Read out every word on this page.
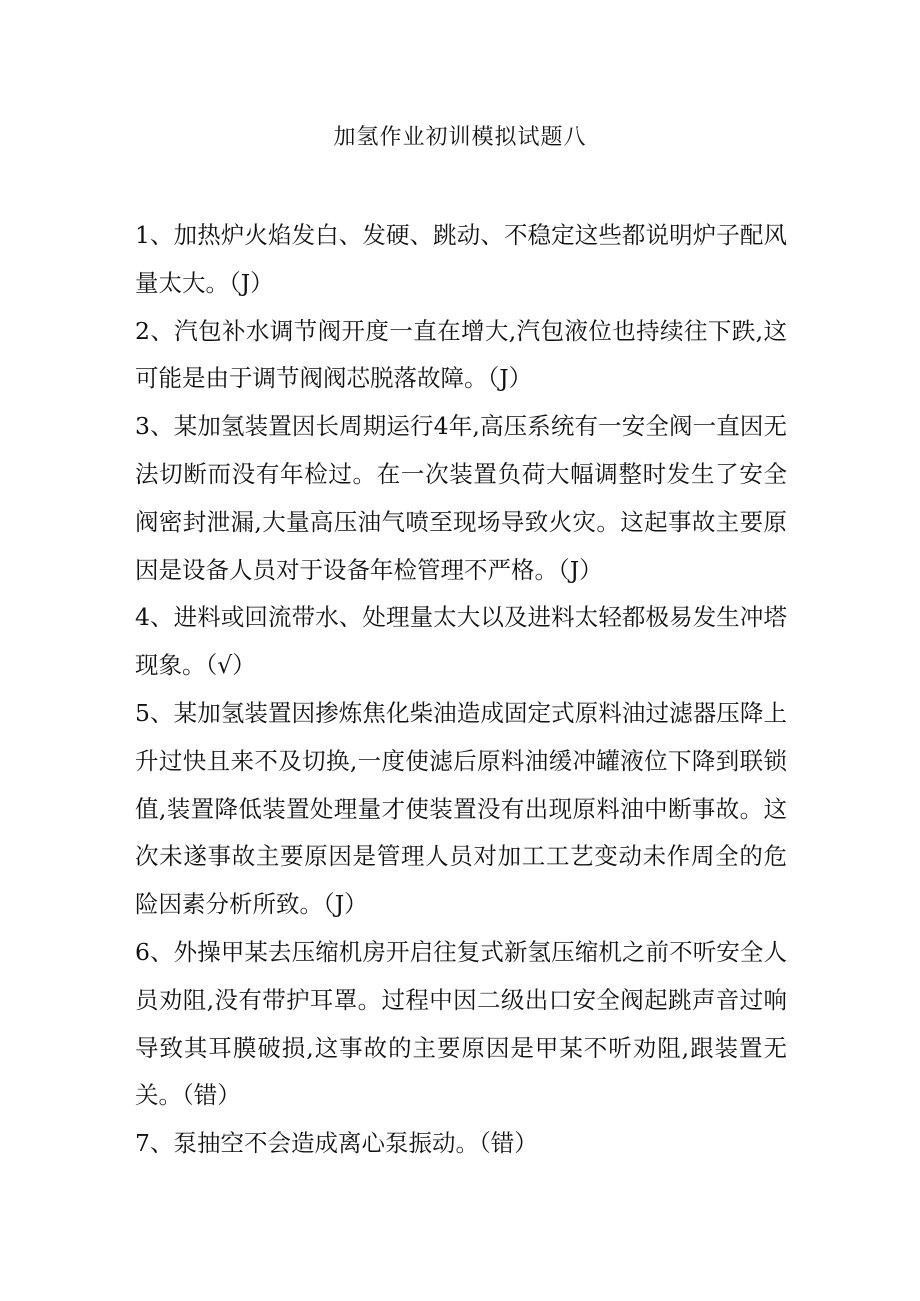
加氢作业初训模拟试题八
1、加热炉火焰发白、发硬、跳动、不稳定这些都说明炉子配风量太大。（J）
2、汽包补水调节阀开度一直在增大,汽包液位也持续往下跌,这可能是由于调节阀阀芯脱落故障。（J）
3、某加氢装置因长周期运行4年,高压系统有一安全阀一直因无法切断而没有年检过。在一次装置负荷大幅调整时发生了安全阀密封泄漏,大量高压油气喷至现场导致火灾。这起事故主要原因是设备人员对于设备年检管理不严格。（J）
4、进料或回流带水、处理量太大以及进料太轻都极易发生冲塔现象。（√）
5、某加氢装置因掺炼焦化柴油造成固定式原料油过滤器压降上升过快且来不及切换,一度使滤后原料油缓冲罐液位下降到联锁值,装置降低装置处理量才使装置没有出现原料油中断事故。这次未遂事故主要原因是管理人员对加工工艺变动未作周全的危险因素分析所致。（J）
6、外操甲某去压缩机房开启往复式新氢压缩机之前不听安全人员劝阻,没有带护耳罩。过程中因二级出口安全阀起跳声音过响导致其耳膜破损,这事故的主要原因是甲某不听劝阻,跟装置无关。（错）
7、泵抽空不会造成离心泵振动。（错）
